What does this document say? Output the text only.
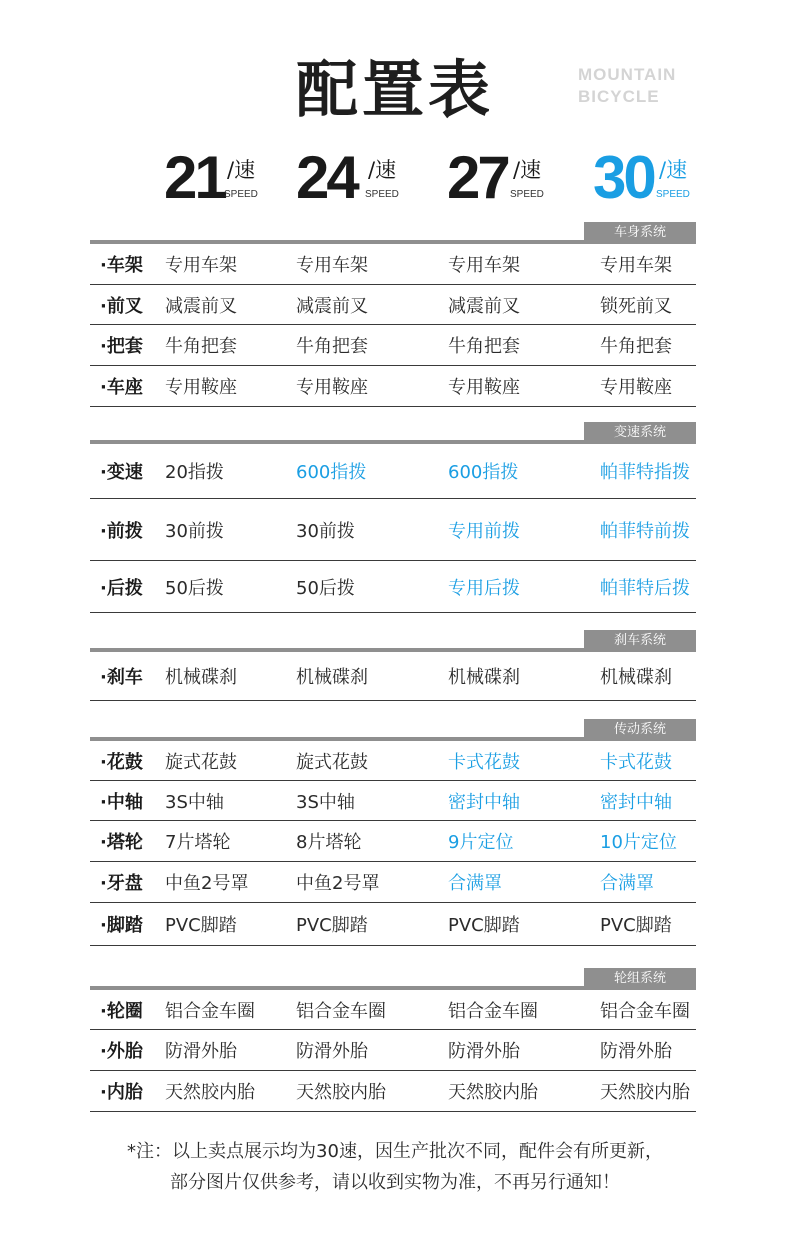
配置表	MOUNTAIN
BICYCLE
21 /速
SPEED 24 /速
SPEED 27 /速
SPEED 30 /速
SPEED
车身系统
·车架 专用车架	专用车架	专用车架	专用车架
·前叉 减震前叉	减震前叉	减震前叉	锁死前叉
·把套 牛角把套	牛角把套	牛角把套	牛角把套
·车座 专用鞍座	专用鞍座	专用鞍座	专用鞍座
变速系统
·变速 20指拨	600指拨	600指拨	帕菲特指拨
·前拨 30前拨	30前拨	专用前拨	帕菲特前拨
·后拨 50后拨	50后拨	专用后拨	帕菲特后拨
刹车系统
·刹车 机械碟刹	机械碟刹	机械碟刹	机械碟刹
传动系统
·花鼓 旋式花鼓	旋式花鼓	卡式花鼓	卡式花鼓
·中轴 3S中轴	3S中轴	密封中轴	密封中轴
·塔轮 7片塔轮	8片塔轮	9片定位	10片定位
·牙盘 中鱼2号罩	中鱼2号罩	合满罩	合满罩
·脚踏 PVC脚踏	PVC脚踏	PVC脚踏	PVC脚踏
轮组系统
·轮圈 铝合金车圈 铝合金车圈	铝合金车圈	铝合金车圈
·外胎 防滑外胎	防滑外胎	防滑外胎	防滑外胎
·内胎 天然胶内胎 天然胶内胎	天然胶内胎	天然胶内胎
*注：以上卖点展示均为30速，因生产批次不同，配件会有所更新，
部分图片仅供参考，请以收到实物为准，不再另行通知！
